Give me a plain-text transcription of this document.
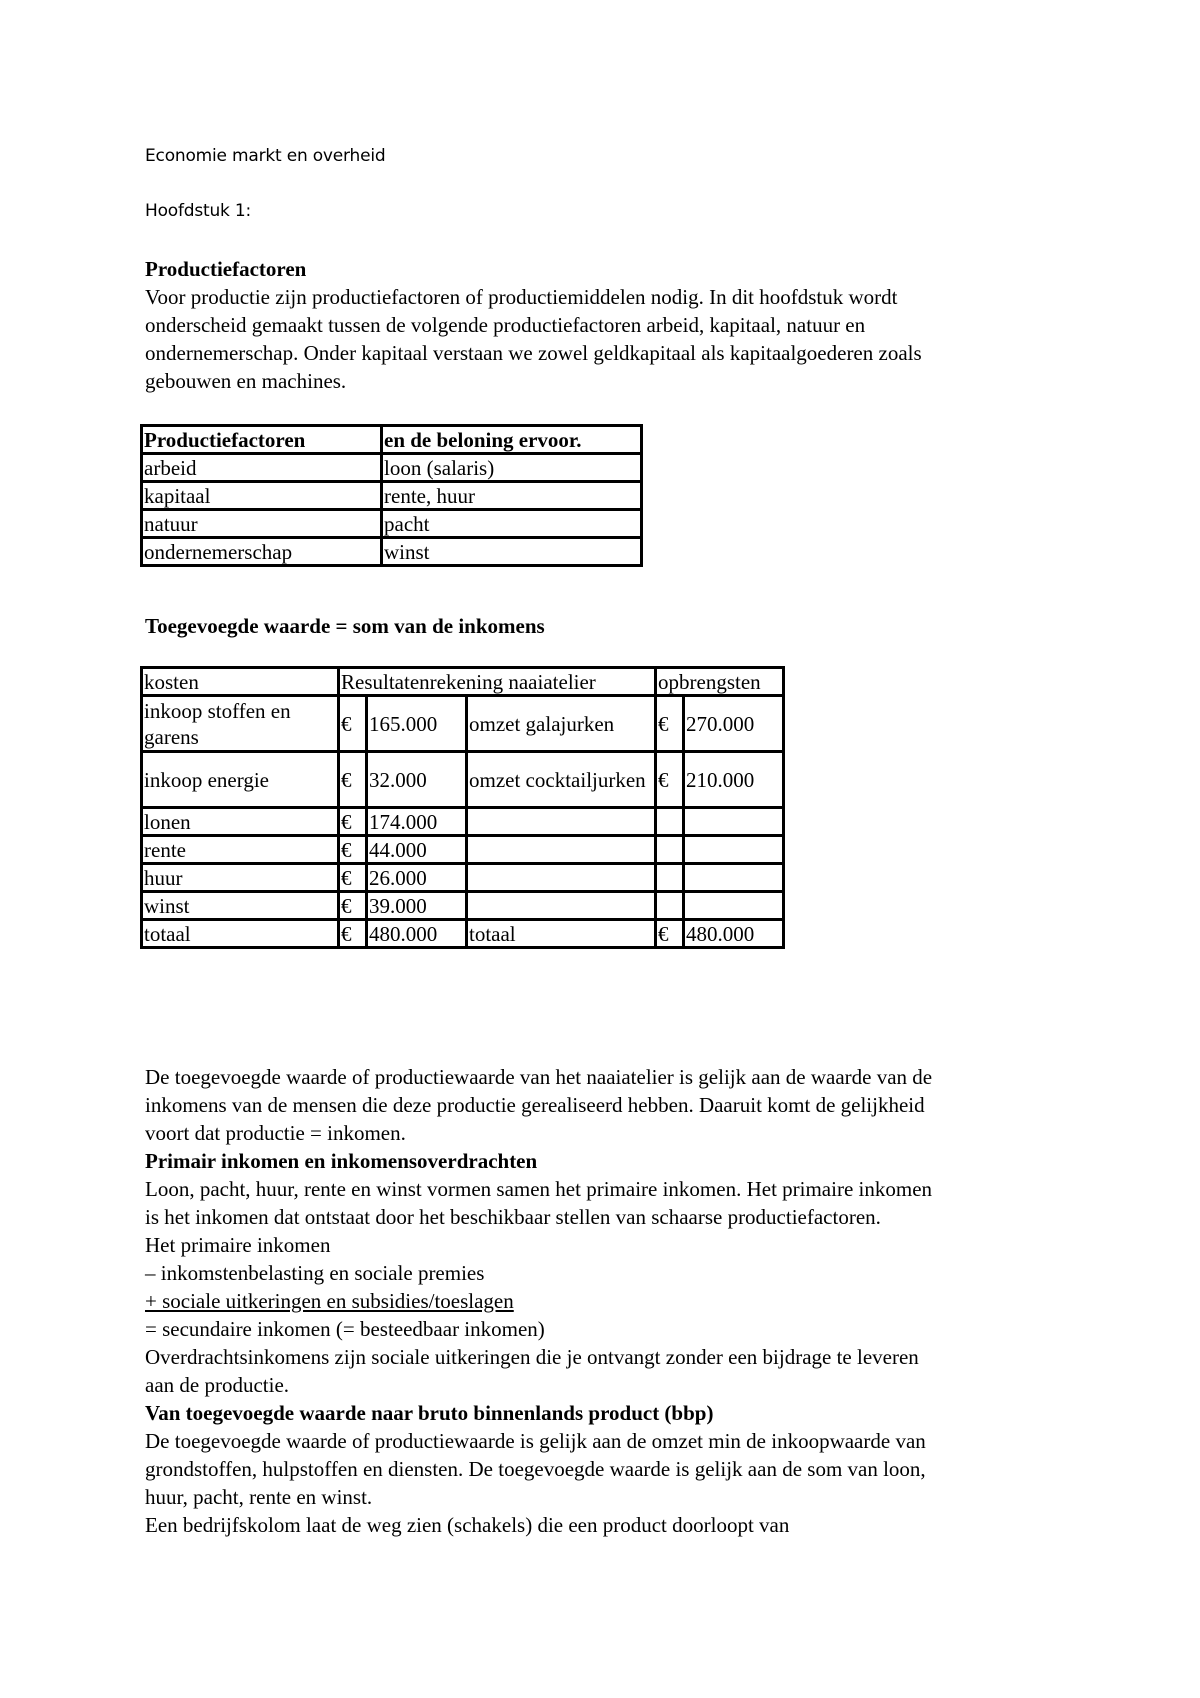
Economie markt en overheid
Hoofdstuk 1:
Productiefactoren
Voor productie zijn productiefactoren of productiemiddelen nodig. In dit hoofdstuk wordt
onderscheid gemaakt tussen de volgende productiefactoren arbeid, kapitaal, natuur en
ondernemerschap. Onder kapitaal verstaan we zowel geldkapitaal als kapitaalgoederen zoals
gebouwen en machines.
Productiefactoren	en de beloning ervoor.
arbeid	loon (salaris)
kapitaal	rente, huur
natuur	pacht
ondernemerschap	winst
Toegevoegde waarde = som van de inkomens
kosten	Resultatenrekening naaiatelier			opbrengsten	
inkoop stoffen en garens	€	165.000	omzet galajurken	€	270.000
inkoop energie	€	32.000	omzet cocktailjurken	€	210.000
lonen	€	174.000			
rente	€	44.000			
huur	€	26.000			
winst	€	39.000			
totaal	€	480.000	totaal	€	480.000
De toegevoegde waarde of productiewaarde van het naaiatelier is gelijk aan de waarde van de
inkomens van de mensen die deze productie gerealiseerd hebben. Daaruit komt de gelijkheid
voort dat productie = inkomen.
Primair inkomen en inkomensoverdrachten
Loon, pacht, huur, rente en winst vormen samen het primaire inkomen. Het primaire inkomen
is het inkomen dat ontstaat door het beschikbaar stellen van schaarse productiefactoren.
Het primaire inkomen
– inkomstenbelasting en sociale premies
+ sociale uitkeringen en subsidies/toeslagen
= secundaire inkomen (= besteedbaar inkomen)
Overdrachtsinkomens zijn sociale uitkeringen die je ontvangt zonder een bijdrage te leveren
aan de productie.
Van toegevoegde waarde naar bruto binnenlands product (bbp)
De toegevoegde waarde of productiewaarde is gelijk aan de omzet min de inkoopwaarde van
grondstoffen, hulpstoffen en diensten. De toegevoegde waarde is gelijk aan de som van loon,
huur, pacht, rente en winst.
Een bedrijfskolom laat de weg zien (schakels) die een product doorloopt van
